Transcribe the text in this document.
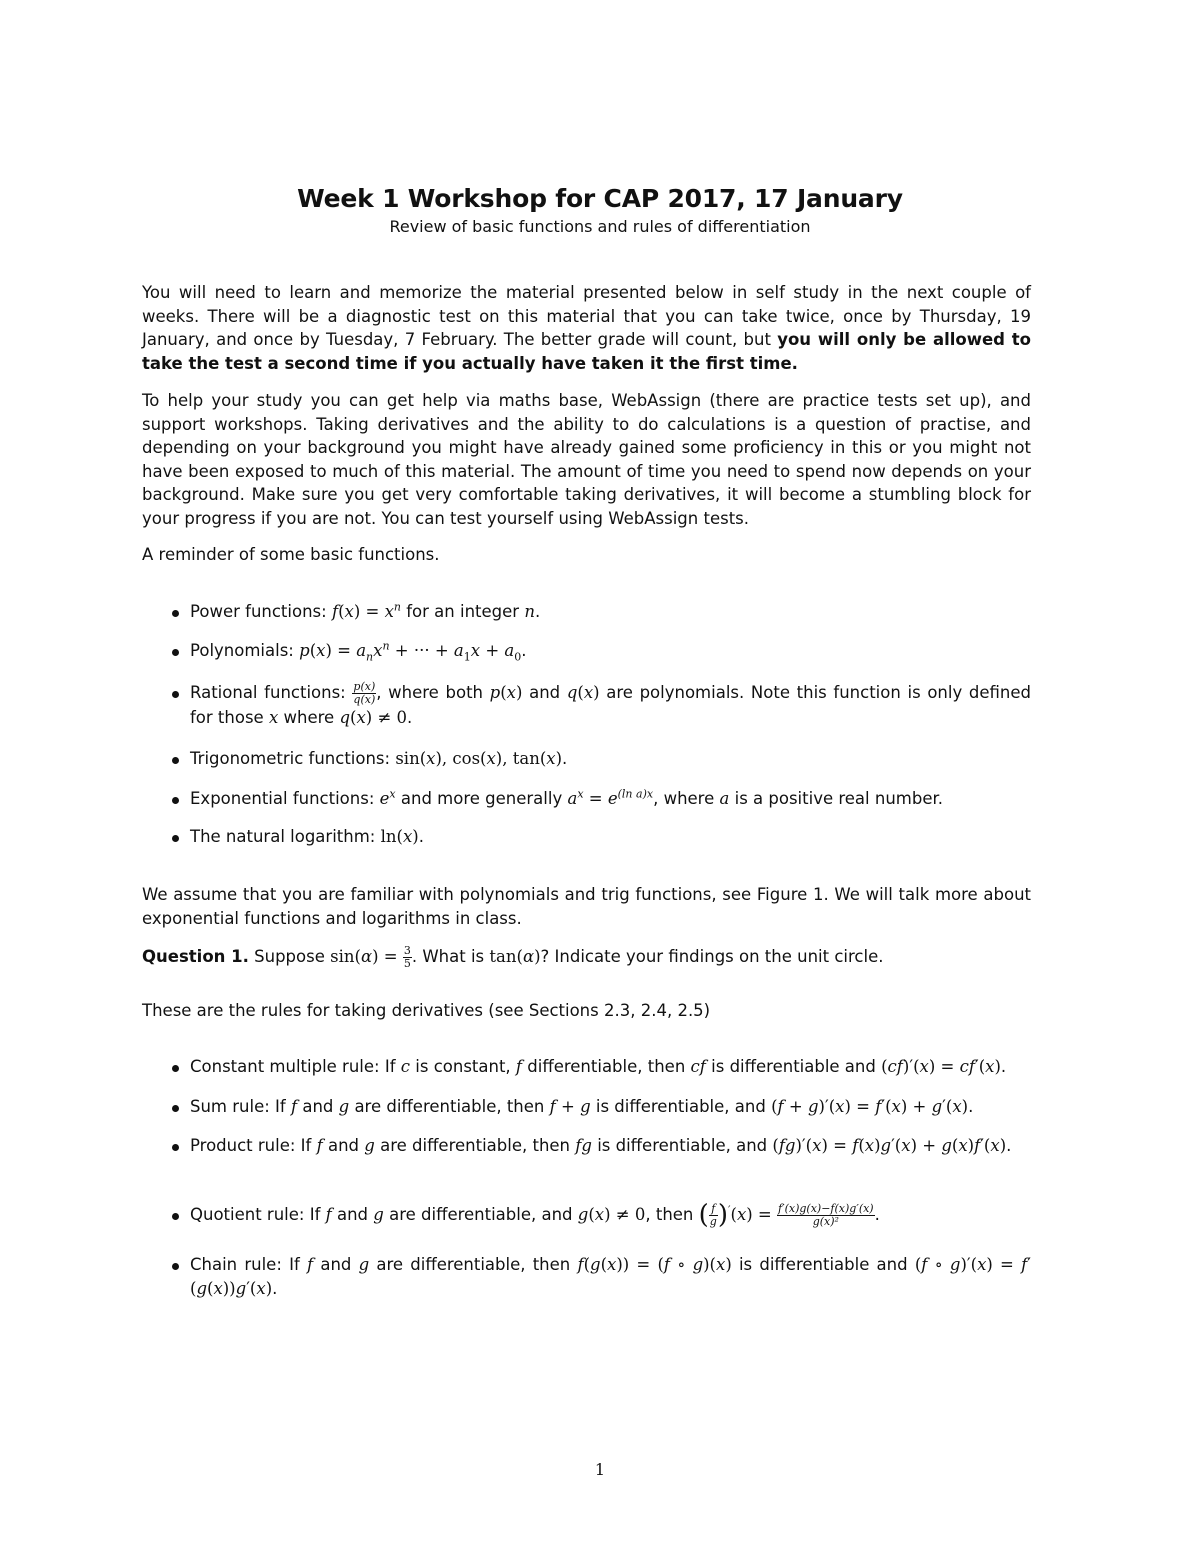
Week 1 Workshop for CAP 2017, 17 January
Review of basic functions and rules of differentiation

You will need to learn and memorize the material presented below in self study in the next couple of weeks. There will be a diagnostic test on this material that you can take twice, once by Thursday, 19 January, and once by Tuesday, 7 February. The better grade will count, but you will only be allowed to take the test a second time if you actually have taken it the first time.

To help your study you can get help via maths base, WebAssign (there are practice tests set up), and support workshops. Taking derivatives and the ability to do calculations is a question of practise, and depending on your background you might have already gained some proficiency in this or you might not have been exposed to much of this material. The amount of time you need to spend now depends on your background. Make sure you get very comfortable taking derivatives, it will become a stumbling block for your progress if you are not. You can test yourself using WebAssign tests.

A reminder of some basic functions.

Power functions: $f(x) = x^n$ for an integer n.
Polynomials: $p(x) = a_nx^n$ + ··· + $a_1x + a_0$.
Rational functions: $\frac{p(x)}{q(x)}$ , where both p(x) and q(x) are polynomials. Note this function is only defined for those x where q(x) ≠ 0.
Trigonometric functions: sin(x), cos(x), tan(x).
Exponential functions: $e^x$ and more generally $a^x = e^{(ln a)x}$, where a is a positive real number.
The natural logarithm: ln(x).

We assume that you are familiar with polynomials and trig functions, see Figure 1. We will talk more about exponential functions and logarithms in class.

Question 1. Suppose $\sin(\alpha) = \frac{3}{5}$ . What is tan(α)? Indicate your findings on the unit circle.

These are the rules for taking derivatives (see Sections 2.3, 2.4, 2.5)

Constant multiple rule: If c is constant, f differentiable, then cf is differentiable and (cf)′(x) = cf′(x).
Sum rule: If f and g are differentiable, then f + g is differentiable, and (f + g)′(x) = f′(x) + g′(x).
Product rule: If f and g are differentiable, then fg is differentiable, and (fg)′(x) = f(x)g′(x) + g(x)f′(x).
Quotient rule: If f and g are differentiable, and g(x) ≠ 0, then ( $\frac{f}{g} )'(x) = \frac{f'(x)g(x)-f(x)g'(x)}{\text{g(x)²}}$ .
Chain rule: If f and g are differentiable, then f(g(x)) = (f ∘ g)(x) is differentiable and (f ∘ g)′(x) = f′(g(x))g′(x).
1
